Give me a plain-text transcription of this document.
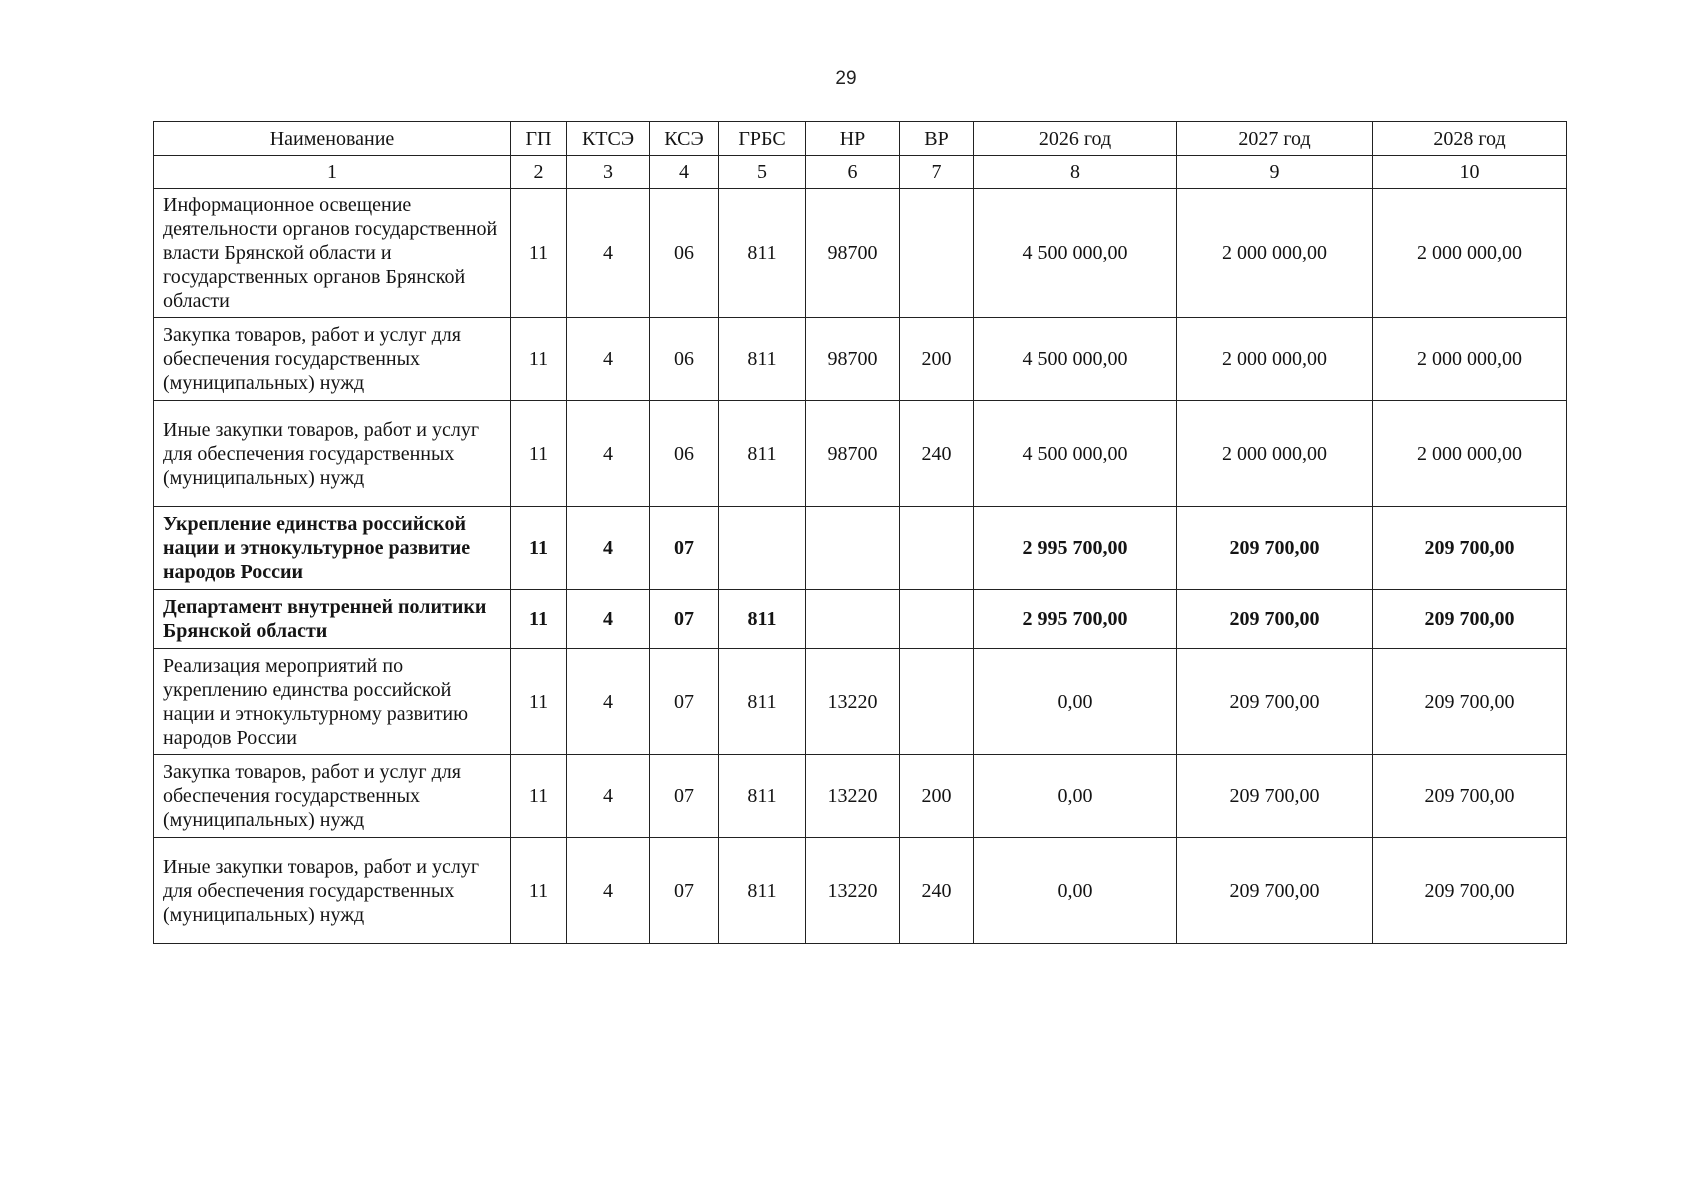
29
Наименование	ГП	КТСЭ	КСЭ	ГРБС	НР	ВР	2026 год	2027 год	2028 год
1	2	3	4	5	6	7	8	9	10
Информационное освещение деятельности органов государственной власти Брянской области и государственных органов Брянской области	11	4	06	811	98700		4 500 000,00	2 000 000,00	2 000 000,00
Закупка товаров, работ и услуг для обеспечения государственных (муниципальных) нужд	11	4	06	811	98700	200	4 500 000,00	2 000 000,00	2 000 000,00
Иные закупки товаров, работ и услуг для обеспечения государственных (муниципальных) нужд	11	4	06	811	98700	240	4 500 000,00	2 000 000,00	2 000 000,00
Укрепление единства российской нации и этнокультурное развитие народов России	11	4	07				2 995 700,00	209 700,00	209 700,00
Департамент внутренней политики Брянской области	11	4	07	811			2 995 700,00	209 700,00	209 700,00
Реализация мероприятий по укреплению единства российской нации и этнокультурному развитию народов России	11	4	07	811	13220		0,00	209 700,00	209 700,00
Закупка товаров, работ и услуг для обеспечения государственных (муниципальных) нужд	11	4	07	811	13220	200	0,00	209 700,00	209 700,00
Иные закупки товаров, работ и услуг для обеспечения государственных (муниципальных) нужд	11	4	07	811	13220	240	0,00	209 700,00	209 700,00
